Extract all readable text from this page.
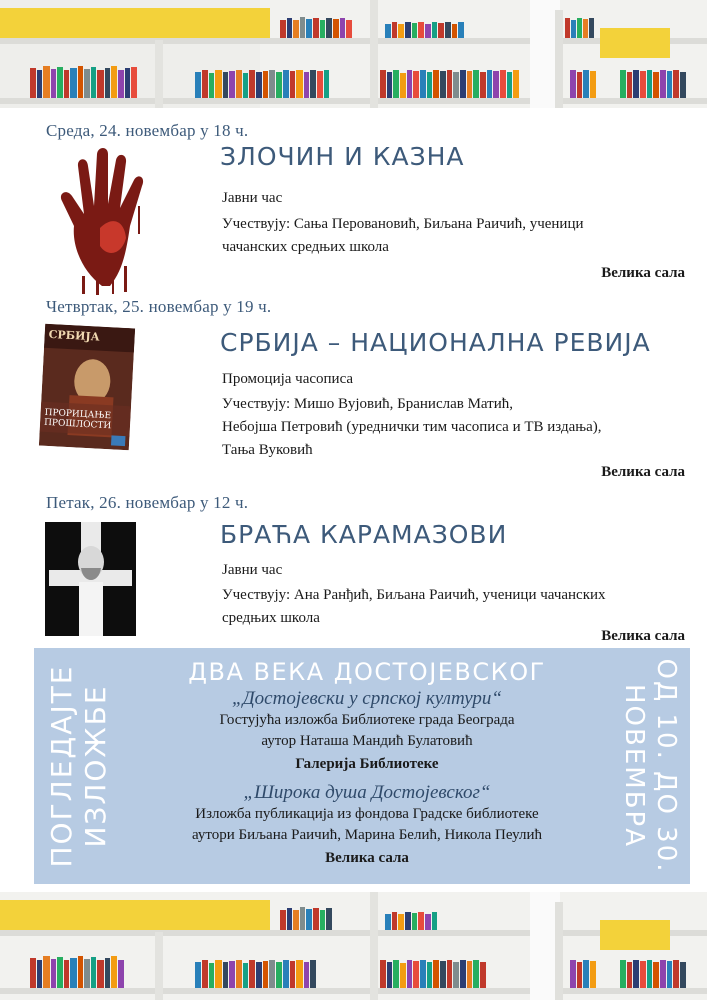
Среда, 24. новембар у 18 ч.
ЗЛОЧИН И КАЗНА
Јавни час
Учествују: Сања Перовановић, Биљана Раичић, ученици
чачанских средњих школа
Велика сала
Четвртак, 25. новембар у 19 ч.
СРБИЈА
ПРОРИЦАЊЕ ПРОШЛОСТИ
СРБИЈА – НАЦИОНАЛНА РЕВИЈА
Промоција часописа
Учествују: Мишо Вујовић, Бранислав Матић,
Небојша Петровић (уреднички тим часописа и ТВ издања),
Тања Вуковић
Велика сала
Петак, 26. новембар у 12 ч.
БРАЋА КАРАМАЗОВИ
Јавни час
Учествују: Ана Ранђић, Биљана Раичић, ученици чачанских
средњих школа
Велика сала
ПОГЛЕДАЈТЕ ИЗЛОЖБЕ
ДВА ВЕКА ДОСТОЈЕВСКОГ
„Достојевски у српској култури“
Гостујућа изложба Библиотеке града Београда
аутор Наташа Мандић Булатовић
Галерија Библиотеке
„Широка душа Достојевског“
Изложба публикација из фондова Градске библиотеке
аутори Биљана Раичић, Марина Белић, Никола Пеулић
Велика сала	ОД 10. ДО 30.
НОВЕМБРА
